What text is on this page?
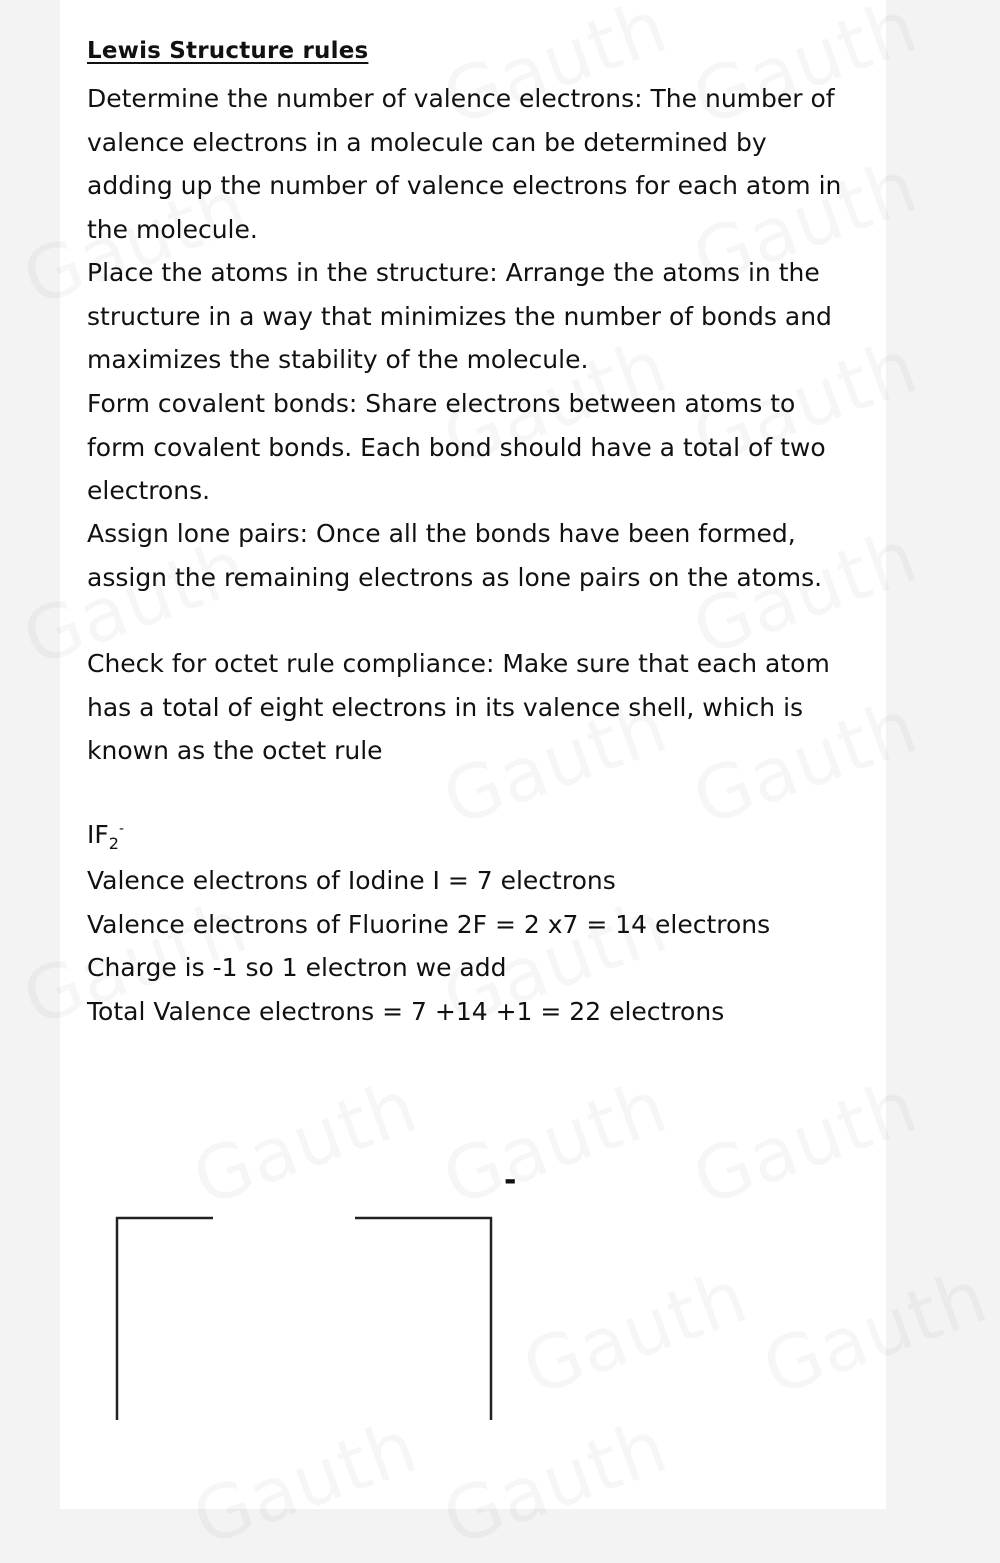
Lewis Structure rules
Determine the number of valence electrons: The number of valence electrons in a molecule can be determined by adding up the number of valence electrons for each atom in the molecule.
Place the atoms in the structure: Arrange the atoms in the structure in a way that minimizes the number of bonds and maximizes the stability of the molecule.
Form covalent bonds: Share electrons between atoms to form covalent bonds. Each bond should have a total of two electrons.
Assign lone pairs: Once all the bonds have been formed, assign the remaining electrons as lone pairs on the atoms.
Check for octet rule compliance: Make sure that each atom has a total of eight electrons in its valence shell, which is known as the octet rule
$IF_2^-$
Valence electrons of Iodine I = 7 electrons
Valence electrons of Fluorine 2F = 2 x7 = 14 electrons
Charge is -1 so 1 electron we add
Total Valence electrons = 7 +14 +1 = 22 electrons
-
